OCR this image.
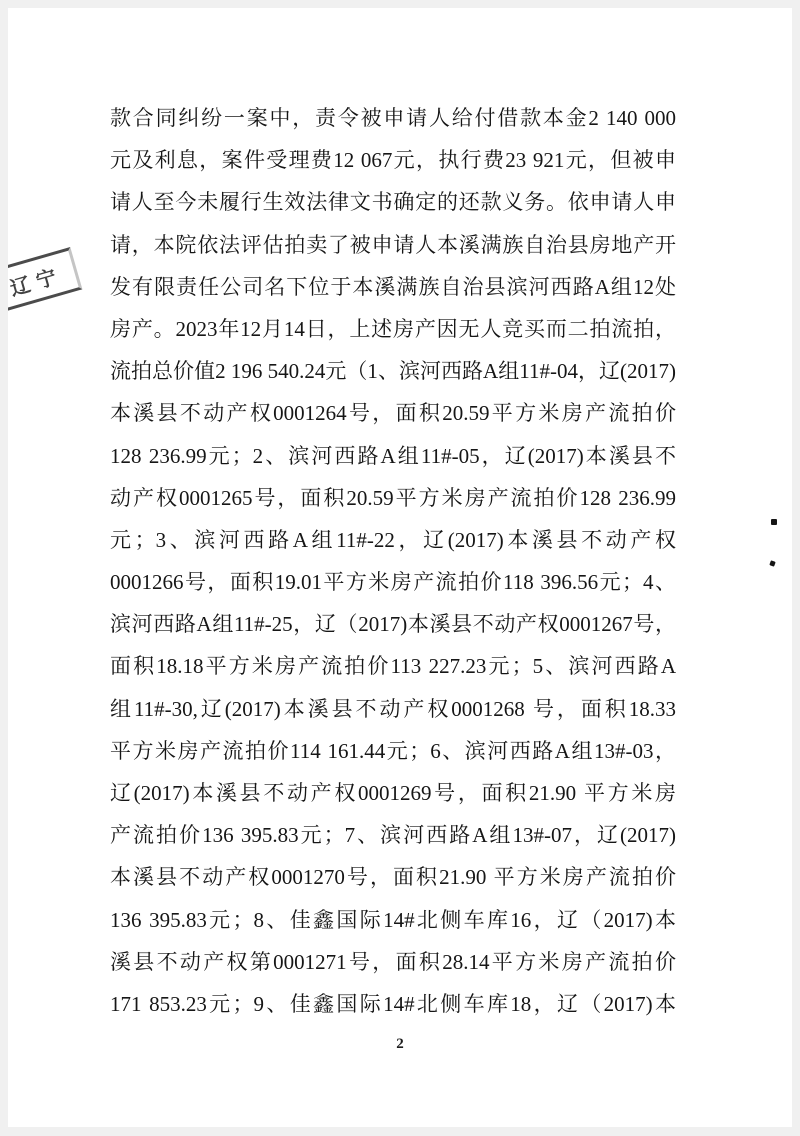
辽宁
款合同纠纷一案中，责令被申请人给付借款本金2 140 000
元及利息，案件受理费12 067元，执行费23 921元，但被申
请人至今未履行生效法律文书确定的还款义务。依申请人申
请，本院依法评估拍卖了被申请人本溪满族自治县房地产开
发有限责任公司名下位于本溪满族自治县滨河西路A组12处
房产。2023年12月14日，上述房产因无人竞买而二拍流拍，
流拍总价值2 196 540.24元（1、滨河西路A组11#-04，辽(2017)
本溪县不动产权0001264号，面积20.59平方米房产流拍价
128 236.99元；2、滨河西路A组11#-05，辽(2017)本溪县不
动产权0001265号，面积20.59平方米房产流拍价128 236.99
元；3、滨河西路A组11#-22，辽(2017)本溪县不动产权
0001266号，面积19.01平方米房产流拍价118 396.56元；4、
滨河西路A组11#-25，辽（2017)本溪县不动产权0001267号，
面积18.18平方米房产流拍价113 227.23元；5、滨河西路A
组11#-30,辽(2017)本溪县不动产权0001268 号，面积18.33
平方米房产流拍价114 161.44元；6、滨河西路A组13#-03，
辽(2017)本溪县不动产权0001269号，面积21.90 平方米房
产流拍价136 395.83元；7、滨河西路A组13#-07，辽(2017)
本溪县不动产权0001270号，面积21.90 平方米房产流拍价
136 395.83元；8、佳鑫国际14#北侧车库16，辽（2017)本
溪县不动产权第0001271号，面积28.14平方米房产流拍价
171 853.23元；9、佳鑫国际14#北侧车库18，辽（2017)本
2
